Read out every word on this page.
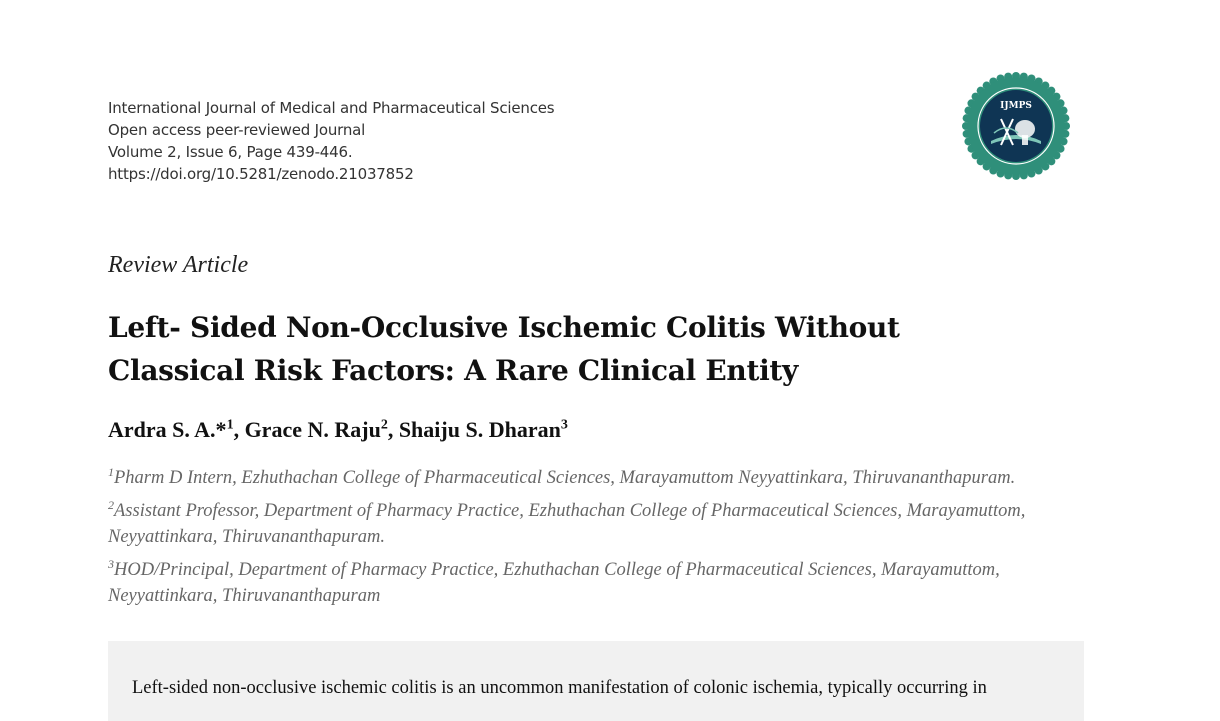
International Journal of Medical and Pharmaceutical Sciences
Open access peer-reviewed Journal
Volume 2, Issue 6, Page 439-446.
https://doi.org/10.5281/zenodo.21037852
IJMPS
Review Article
Left- Sided Non-Occlusive Ischemic Colitis Without Classical Risk Factors: A Rare Clinical Entity
Ardra S. A.*$^1$, Grace N. Raju$^2$, Shaiju S. Dharan$^3$
$^1$Pharm D Intern, Ezhuthachan College of Pharmaceutical Sciences, Marayamuttom Neyyattinkara, Thiruvananthapuram.
$^2$Assistant Professor, Department of Pharmacy Practice, Ezhuthachan College of Pharmaceutical Sciences, Marayamuttom, Neyyattinkara, Thiruvananthapuram.
$^3$HOD/Principal, Department of Pharmacy Practice, Ezhuthachan College of Pharmaceutical Sciences, Marayamuttom, Neyyattinkara, Thiruvananthapuram
Left-sided non-occlusive ischemic colitis is an uncommon manifestation of colonic ischemia, typically occurring in
